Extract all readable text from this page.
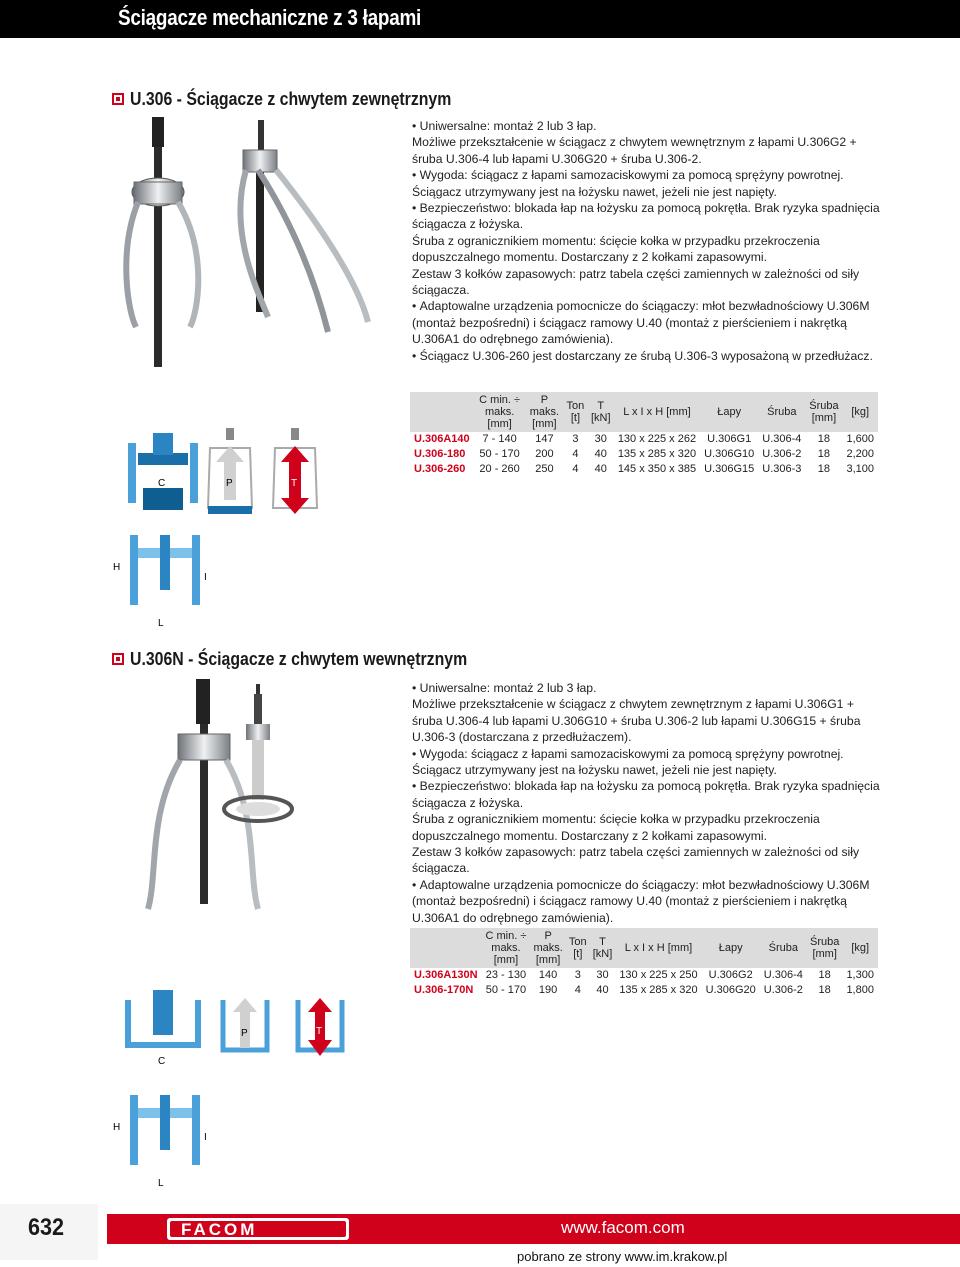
Ściągacze mechaniczne z 3 łapami
U.306 - Ściągacze z chwytem zewnętrznym
• Uniwersalne: montaż 2 lub 3 łap.
Możliwe przekształcenie w ściągacz z chwytem wewnętrznym z łapami U.306G2 + śruba U.306-4 lub łapami U.306G20 + śruba U.306-2.
• Wygoda: ściągacz z łapami samozaciskowymi za pomocą sprężyny powrotnej. Ściągacz utrzymywany jest na łożysku nawet, jeżeli nie jest napięty.
• Bezpieczeństwo: blokada łap na łożysku za pomocą pokrętła. Brak ryzyka spadnięcia ściągacza z łożyska.
Śruba z ogranicznikiem momentu: ścięcie kołka w przypadku przekroczenia dopuszczalnego momentu. Dostarczany z 2 kołkami zapasowymi.
Zestaw 3 kołków zapasowych: patrz tabela części zamiennych w zależności od siły ściągacza.
• Adaptowalne urządzenia pomocnicze do ściągaczy: młot bezwładnościowy U.306M (montaż bezpośredni) i ściągacz ramowy U.40 (montaż z pierścieniem i nakrętką U.306A1 do odrębnego zamówienia).
• Ściągacz U.306-260 jest dostarczany ze śrubą U.306-3 wyposażoną w przedłużacz.
	C min. ÷ maks. [mm]	P maks. [mm]	Ton [t]	T [kN]	L x I x H [mm]	Łapy	Śruba	Śruba [mm]	[kg]
U.306A140	7 - 140	147	3	30	130 x 225 x 262	U.306G1	U.306-4	18	1,600
U.306-180	50 - 170	200	4	40	135 x 285 x 320	U.306G10	U.306-2	18	2,200
U.306-260	20 - 260	250	4	40	145 x 350 x 385	U.306G15	U.306-3	18	3,100
C	P	T
H
I
L
U.306N - Ściągacze z chwytem wewnętrznym
• Uniwersalne: montaż 2 lub 3 łap.
Możliwe przekształcenie w ściągacz z chwytem zewnętrznym z łapami U.306G1 + śruba U.306-4 lub łapami U.306G10 + śruba U.306-2 lub łapami U.306G15 + śruba U.306-3 (dostarczana z przedłużaczem).
• Wygoda: ściągacz z łapami samozaciskowymi za pomocą sprężyny powrotnej. Ściągacz utrzymywany jest na łożysku nawet, jeżeli nie jest napięty.
• Bezpieczeństwo: blokada łap na łożysku za pomocą pokrętła. Brak ryzyka spadnięcia ściągacza z łożyska.
Śruba z ogranicznikiem momentu: ścięcie kołka w przypadku przekroczenia dopuszczalnego momentu. Dostarczany z 2 kołkami zapasowymi.
Zestaw 3 kołków zapasowych: patrz tabela części zamiennych w zależności od siły ściągacza.
• Adaptowalne urządzenia pomocnicze do ściągaczy: młot bezwładnościowy U.306M (montaż bezpośredni) i ściągacz ramowy U.40 (montaż z pierścieniem i nakrętką U.306A1 do odrębnego zamówienia).
	C min. ÷ maks. [mm]	P maks. [mm]	Ton [t]	T [kN]	L x I x H [mm]	Łapy	Śruba	Śruba [mm]	[kg]
U.306A130N	23 - 130	140	3	30	130 x 225 x 250	U.306G2	U.306-4	18	1,300
U.306-170N	50 - 170	190	4	40	135 x 285 x 320	U.306G20	U.306-2	18	1,800
C
P	T
H
I
L
632	FACOM	www.facom.com
pobrano ze strony www.im.krakow.pl
